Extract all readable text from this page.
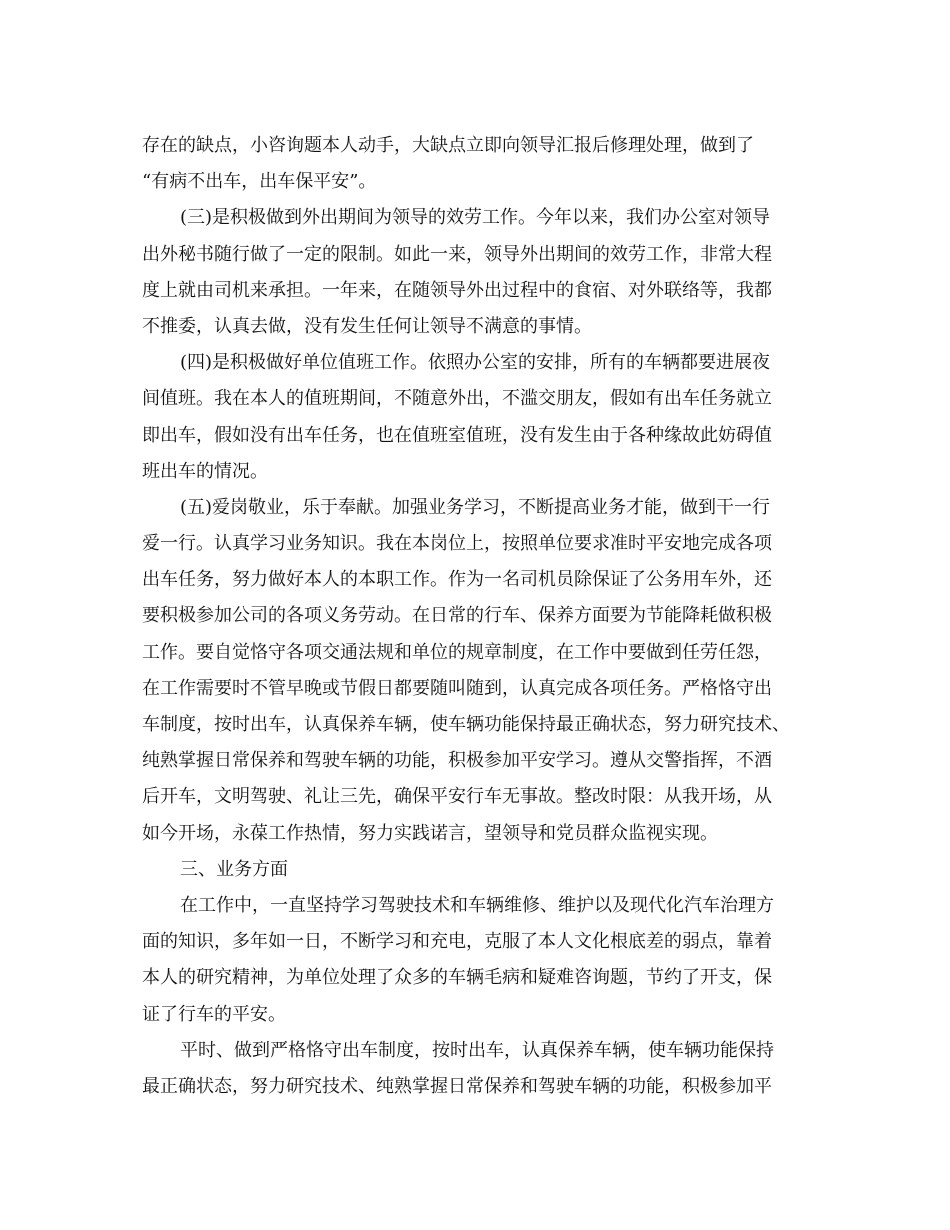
存在的缺点，小咨询题本人动手，大缺点立即向领导汇报后修理处理，做到了
“有病不出车，出车保平安”。
(三)是积极做到外出期间为领导的效劳工作。今年以来，我们办公室对领导
出外秘书随行做了一定的限制。如此一来，领导外出期间的效劳工作，非常大程
度上就由司机来承担。一年来，在随领导外出过程中的食宿、对外联络等，我都
不推委，认真去做，没有发生任何让领导不满意的事情。
(四)是积极做好单位值班工作。依照办公室的安排，所有的车辆都要进展夜
间值班。我在本人的值班期间，不随意外出，不滥交朋友，假如有出车任务就立
即出车，假如没有出车任务，也在值班室值班，没有发生由于各种缘故此妨碍值
班出车的情况。
(五)爱岗敬业，乐于奉献。加强业务学习，不断提高业务才能，做到干一行
爱一行。认真学习业务知识。我在本岗位上，按照单位要求准时平安地完成各项
出车任务，努力做好本人的本职工作。作为一名司机员除保证了公务用车外，还
要积极参加公司的各项义务劳动。在日常的行车、保养方面要为节能降耗做积极
工作。要自觉恪守各项交通法规和单位的规章制度，在工作中要做到任劳任怨，
在工作需要时不管早晚或节假日都要随叫随到，认真完成各项任务。严格恪守出
车制度，按时出车，认真保养车辆，使车辆功能保持最正确状态，努力研究技术、
纯熟掌握日常保养和驾驶车辆的功能，积极参加平安学习。遵从交警指挥，不酒
后开车，文明驾驶、礼让三先，确保平安行车无事故。整改时限：从我开场，从
如今开场，永葆工作热情，努力实践诺言，望领导和党员群众监视实现。
三、业务方面
在工作中，一直坚持学习驾驶技术和车辆维修、维护以及现代化汽车治理方
面的知识，多年如一日，不断学习和充电，克服了本人文化根底差的弱点，靠着
本人的研究精神，为单位处理了众多的车辆毛病和疑难咨询题，节约了开支，保
证了行车的平安。
平时、做到严格恪守出车制度，按时出车，认真保养车辆，使车辆功能保持
最正确状态，努力研究技术、纯熟掌握日常保养和驾驶车辆的功能，积极参加平
